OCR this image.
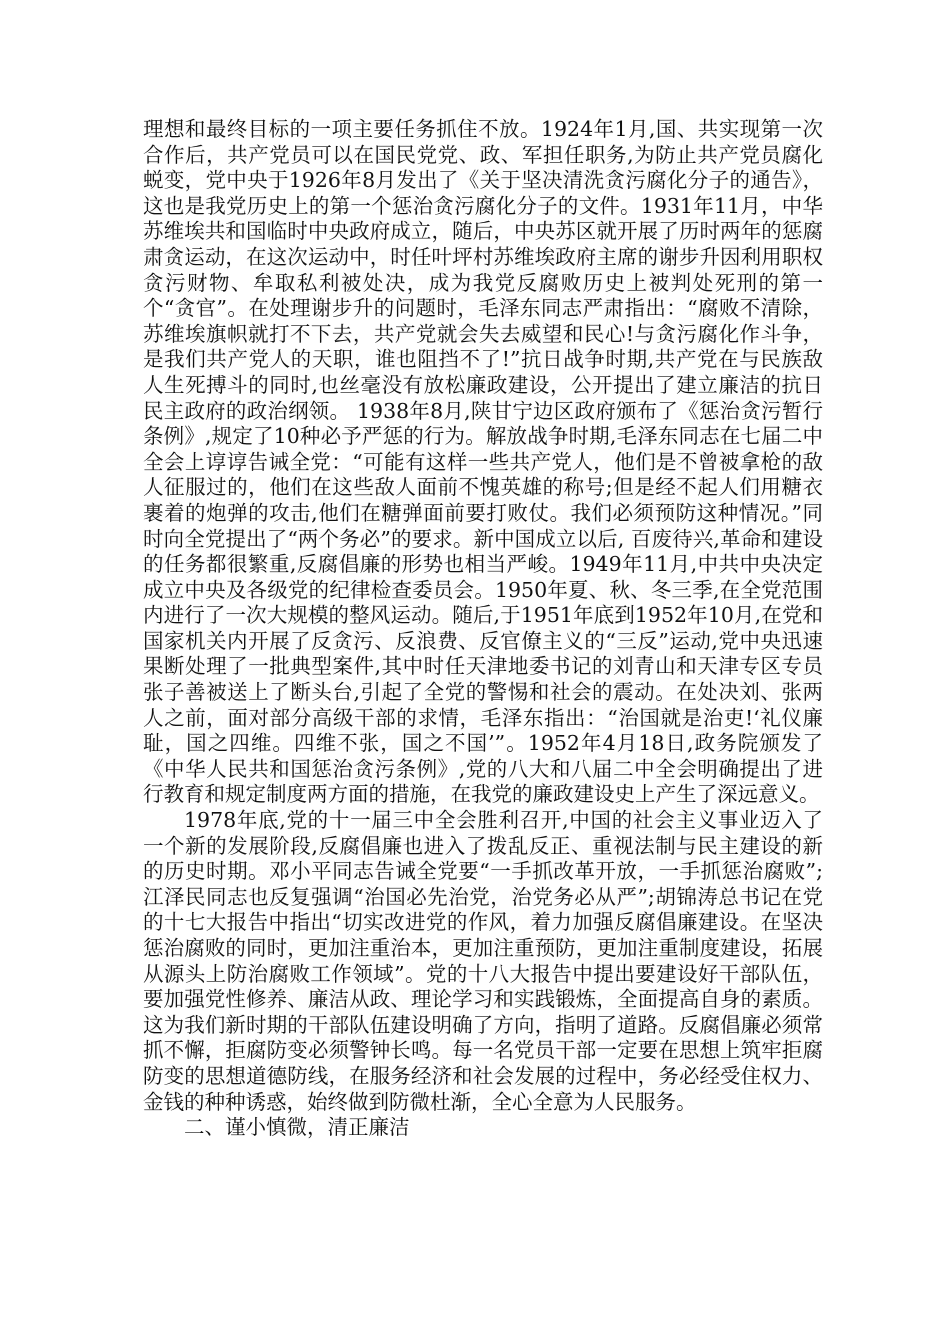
理想和最终目标的一项主要任务抓住不放。1924年1月,国、共实现第一次合作后，共产党员可以在国民党党、政、军担任职务,为防止共产党员腐化蜕变，党中央于1926年8月发出了《关于坚决清洗贪污腐化分子的通告》，这也是我党历史上的第一个惩治贪污腐化分子的文件。1931年11月，中华苏维埃共和国临时中央政府成立，随后，中央苏区就开展了历时两年的惩腐肃贪运动，在这次运动中，时任叶坪村苏维埃政府主席的谢步升因利用职权贪污财物、牟取私利被处决，成为我党反腐败历史上被判处死刑的第一个“贪官”。在处理谢步升的问题时，毛泽东同志严肃指出：“腐败不清除，苏维埃旗帜就打不下去，共产党就会失去威望和民心!与贪污腐化作斗争，是我们共产党人的天职，谁也阻挡不了!”抗日战争时期,共产党在与民族敌人生死搏斗的同时,也丝毫没有放松廉政建设，公开提出了建立廉洁的抗日民主政府的政治纲领。 1938年8月,陕甘宁边区政府颁布了《惩治贪污暂行条例》,规定了10种必予严惩的行为。解放战争时期,毛泽东同志在七届二中全会上谆谆告诫全党：“可能有这样一些共产党人，他们是不曾被拿枪的敌人征服过的，他们在这些敌人面前不愧英雄的称号;但是经不起人们用糖衣裹着的炮弹的攻击,他们在糖弹面前要打败仗。我们必须预防这种情况。”同时向全党提出了“两个务必”的要求。新中国成立以后, 百废待兴,革命和建设的任务都很繁重,反腐倡廉的形势也相当严峻。1949年11月,中共中央决定成立中央及各级党的纪律检查委员会。1950年夏、秋、冬三季,在全党范围内进行了一次大规模的整风运动。随后,于1951年底到1952年10月,在党和国家机关内开展了反贪污、反浪费、反官僚主义的“三反”运动,党中央迅速果断处理了一批典型案件,其中时任天津地委书记的刘青山和天津专区专员张子善被送上了断头台,引起了全党的警惕和社会的震动。在处决刘、张两人之前，面对部分高级干部的求情，毛泽东指出：“治国就是治吏!‘礼仪廉耻，国之四维。四维不张，国之不国’”。1952年4月18日,政务院颁发了《中华人民共和国惩治贪污条例》,党的八大和八届二中全会明确提出了进行教育和规定制度两方面的措施，在我党的廉政建设史上产生了深远意义。

1978年底,党的十一届三中全会胜利召开,中国的社会主义事业迈入了一个新的发展阶段,反腐倡廉也进入了拨乱反正、重视法制与民主建设的新的历史时期。邓小平同志告诫全党要“一手抓改革开放，一手抓惩治腐败”;江泽民同志也反复强调“治国必先治党，治党务必从严”;胡锦涛总书记在党的十七大报告中指出“切实改进党的作风，着力加强反腐倡廉建设。在坚决惩治腐败的同时，更加注重治本，更加注重预防，更加注重制度建设，拓展从源头上防治腐败工作领域”。党的十八大报告中提出要建设好干部队伍，要加强党性修养、廉洁从政、理论学习和实践锻炼，全面提高自身的素质。这为我们新时期的干部队伍建设明确了方向，指明了道路。反腐倡廉必须常抓不懈，拒腐防变必须警钟长鸣。每一名党员干部一定要在思想上筑牢拒腐防变的思想道德防线，在服务经济和社会发展的过程中，务必经受住权力、金钱的种种诱惑，始终做到防微杜渐，全心全意为人民服务。

二、谨小慎微，清正廉洁
